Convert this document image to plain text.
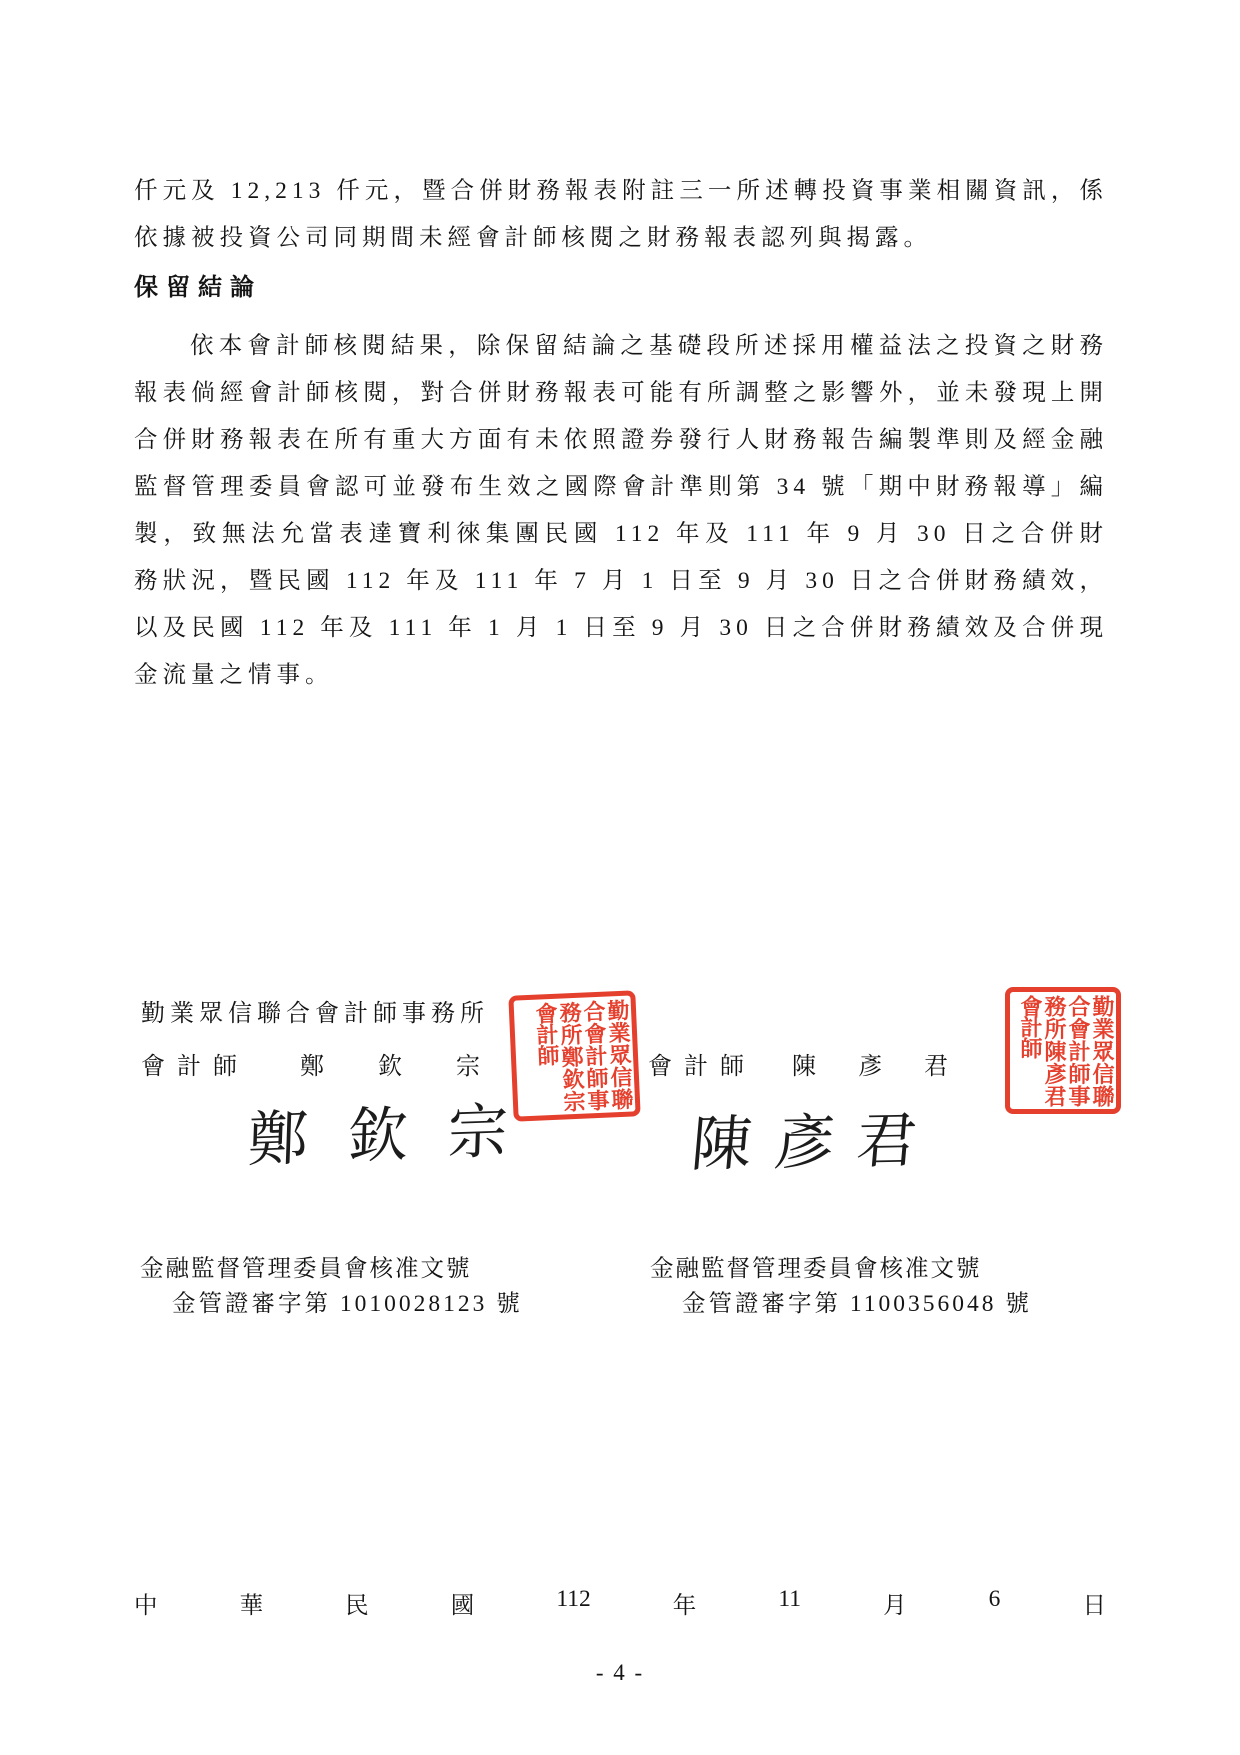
仟元及 12,213 仟元，暨合併財務報表附註三一所述轉投資事業相關資訊，係依據被投資公司同期間未經會計師核閱之財務報表認列與揭露。

保留結論

依本會計師核閱結果，除保留結論之基礎段所述採用權益法之投資之財務報表倘經會計師核閱，對合併財務報表可能有所調整之影響外，並未發現上開合併財務報表在所有重大方面有未依照證券發行人財務報告編製準則及經金融監督管理委員會認可並發布生效之國際會計準則第 34 號「期中財務報導」編製，致無法允當表達寶利徠集團民國 112 年及 111 年 9 月 30 日之合併財務狀況，暨民國 112 年及 111 年 7 月 1 日至 9 月 30 日之合併財務績效，以及民國 112 年及 111 年 1 月 1 日至 9 月 30 日之合併財務績效及合併現金流量之情事。

勤業眾信聯合會計師事務所
會計師 鄭 欽 宗	會計師 陳 彥 君
勤業眾信聯合會計師事務所鄭欽宗會計師	勤業眾信聯合會計師事務所陳彥君會計師
鄭 欽 宗	陳 彥 君
金融監督管理委員會核准文號
金管證審字第 1010028123 號
金融監督管理委員會核准文號
金管證審字第 1100356048 號
中	華	民	國	112	年	11	月	6	日
- 4 -
